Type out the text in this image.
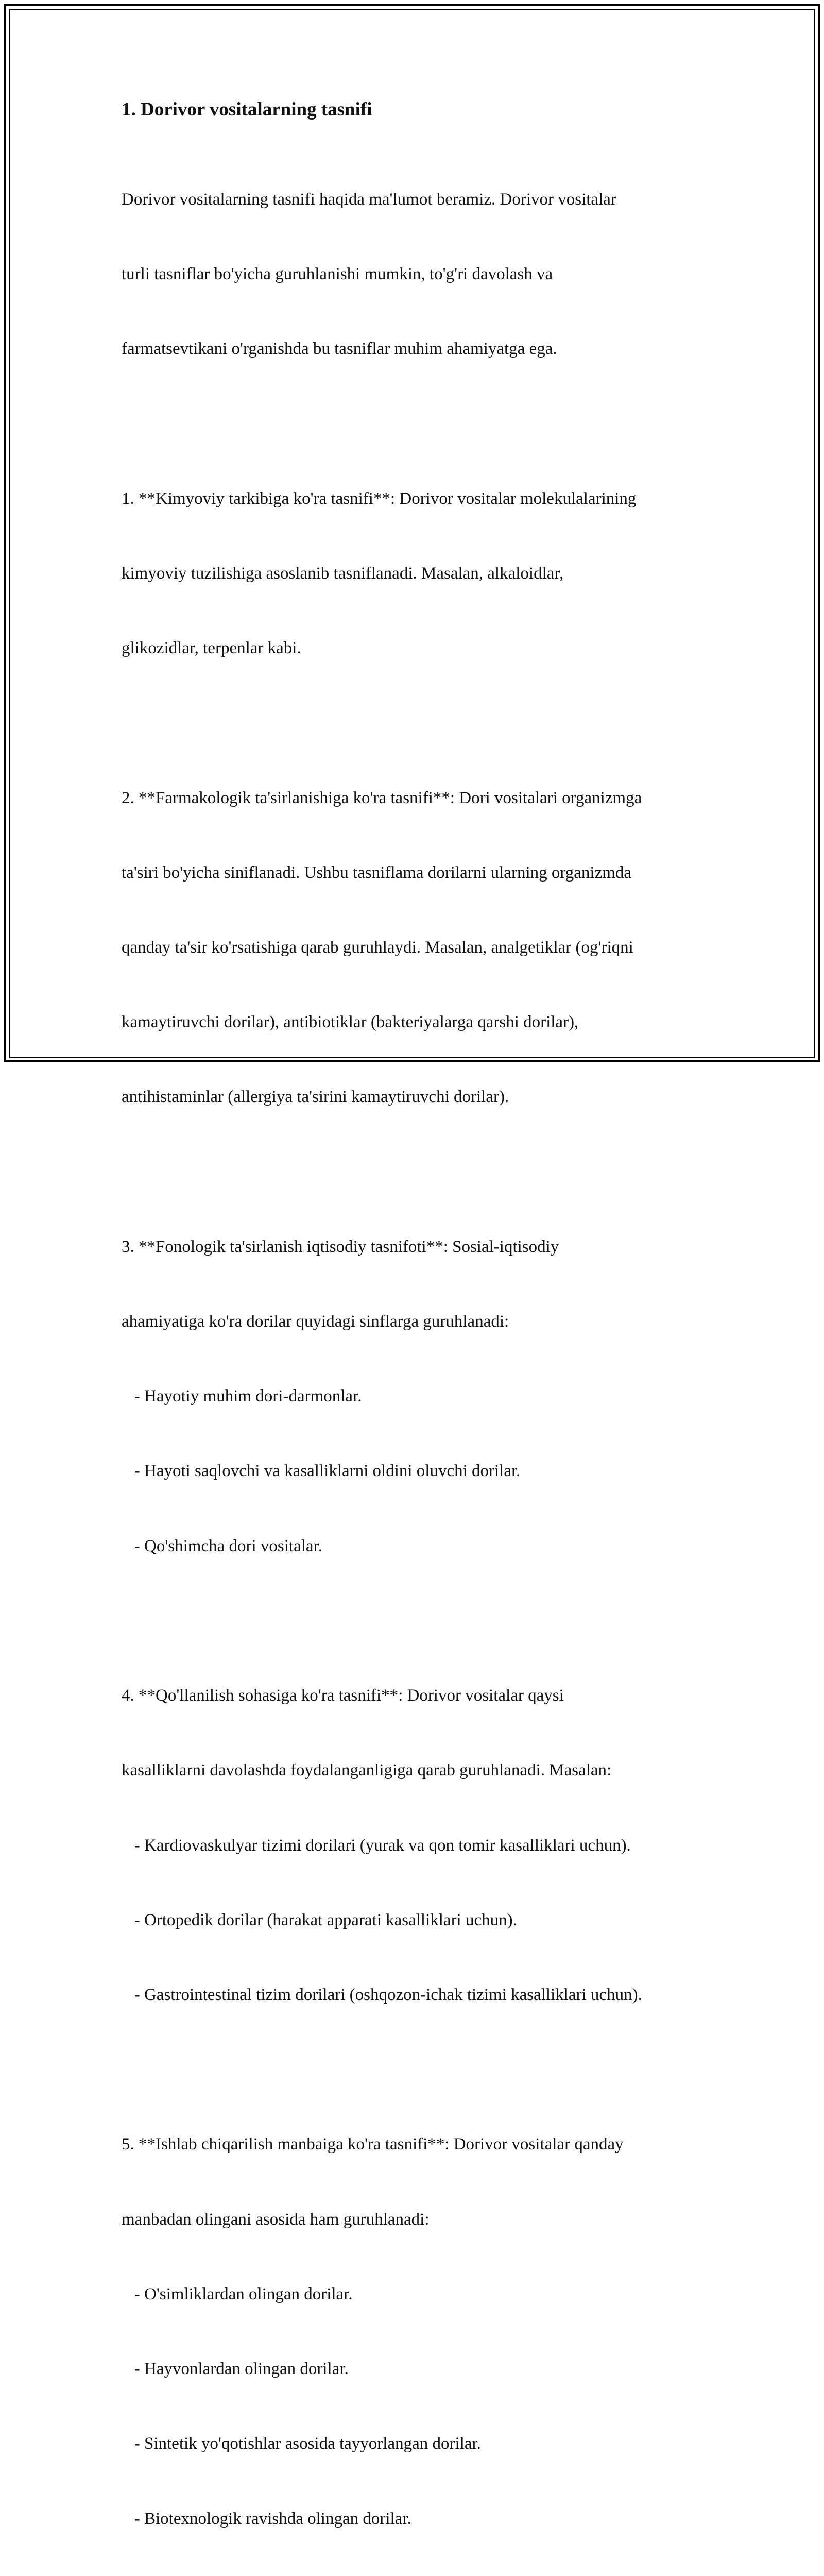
1. Dorivor vositalarning tasnifi

Dorivor vositalarning tasnifi haqida ma'lumot beramiz. Dorivor vositalar

turli tasniflar bo'yicha guruhlanishi mumkin, to'g'ri davolash va

farmatsevtikani o'rganishda bu tasniflar muhim ahamiyatga ega.

1. **Kimyoviy tarkibiga ko'ra tasnifi**: Dorivor vositalar molekulalarining

kimyoviy tuzilishiga asoslanib tasniflanadi. Masalan, alkaloidlar,

glikozidlar, terpenlar kabi.

2. **Farmakologik ta'sirlanishiga ko'ra tasnifi**: Dori vositalari organizmga

ta'siri bo'yicha siniflanadi. Ushbu tasniflama dorilarni ularning organizmda

qanday ta'sir ko'rsatishiga qarab guruhlaydi. Masalan, analgetiklar (og'riqni

kamaytiruvchi dorilar), antibiotiklar (bakteriyalarga qarshi dorilar),

antihistaminlar (allergiya ta'sirini kamaytiruvchi dorilar).

3. **Fonologik ta'sirlanish iqtisodiy tasnifoti**: Sosial-iqtisodiy

ahamiyatiga ko'ra dorilar quyidagi sinflarga guruhlanadi:

- Hayotiy muhim dori-darmonlar.

- Hayoti saqlovchi va kasalliklarni oldini oluvchi dorilar.

- Qo'shimcha dori vositalar.

4. **Qo'llanilish sohasiga ko'ra tasnifi**: Dorivor vositalar qaysi

kasalliklarni davolashda foydalanganligiga qarab guruhlanadi. Masalan:

- Kardiovaskulyar tizimi dorilari (yurak va qon tomir kasalliklari uchun).

- Ortopedik dorilar (harakat apparati kasalliklari uchun).

- Gastrointestinal tizim dorilari (oshqozon-ichak tizimi kasalliklari uchun).

5. **Ishlab chiqarilish manbaiga ko'ra tasnifi**: Dorivor vositalar qanday

manbadan olingani asosida ham guruhlanadi:

- O'simliklardan olingan dorilar.

- Hayvonlardan olingan dorilar.

- Sintetik yo'qotishlar asosida tayyorlangan dorilar.

- Biotexnologik ravishda olingan dorilar.
